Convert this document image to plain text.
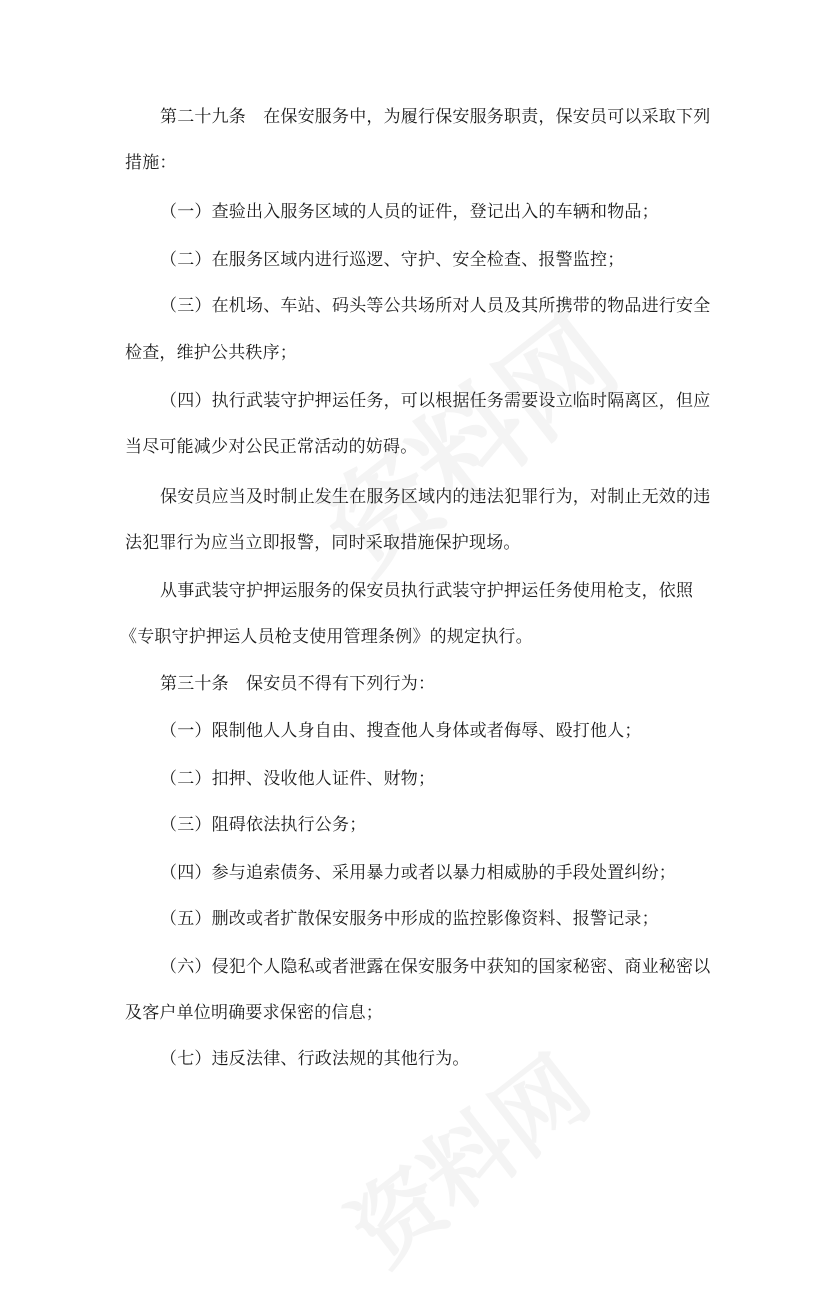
第二十九条　在保安服务中，为履行保安服务职责，保安员可以采取下列
措施：
（一）查验出入服务区域的人员的证件，登记出入的车辆和物品；
（二）在服务区域内进行巡逻、守护、安全检查、报警监控；
（三）在机场、车站、码头等公共场所对人员及其所携带的物品进行安全
检查，维护公共秩序；
（四）执行武装守护押运任务，可以根据任务需要设立临时隔离区，但应
当尽可能减少对公民正常活动的妨碍。
保安员应当及时制止发生在服务区域内的违法犯罪行为，对制止无效的违
法犯罪行为应当立即报警，同时采取措施保护现场。
从事武装守护押运服务的保安员执行武装守护押运任务使用枪支，依照
《专职守护押运人员枪支使用管理条例》的规定执行。
第三十条　保安员不得有下列行为：
（一）限制他人人身自由、搜查他人身体或者侮辱、殴打他人；
（二）扣押、没收他人证件、财物；
（三）阻碍依法执行公务；
（四）参与追索债务、采用暴力或者以暴力相威胁的手段处置纠纷；
（五）删改或者扩散保安服务中形成的监控影像资料、报警记录；
（六）侵犯个人隐私或者泄露在保安服务中获知的国家秘密、商业秘密以
及客户单位明确要求保密的信息；
（七）违反法律、行政法规的其他行为。
